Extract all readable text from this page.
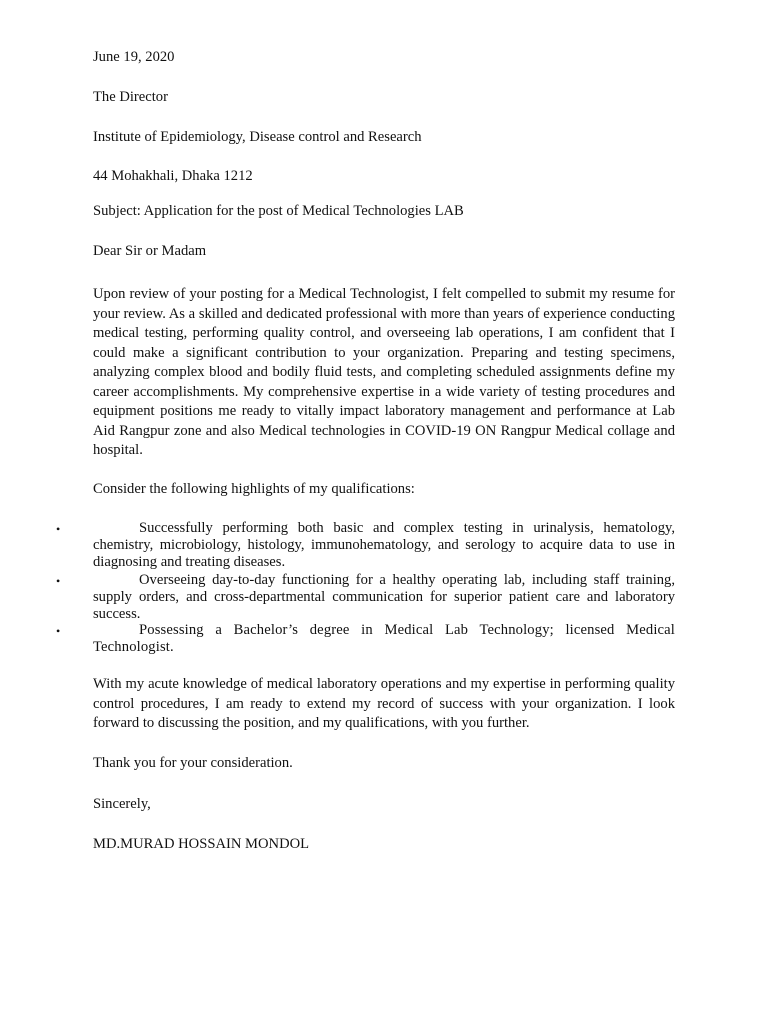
June 19, 2020
The Director
Institute of Epidemiology, Disease control and Research
44 Mohakhali, Dhaka 1212
Subject: Application for the post of Medical Technologies LAB
Dear Sir or Madam
Upon review of your posting for a Medical Technologist, I felt compelled to submit my resume for your review. As a skilled and dedicated professional with more than years of experience conducting medical testing, performing quality control, and overseeing lab operations, I am confident that I could make a significant contribution to your organization. Preparing and testing specimens, analyzing complex blood and bodily fluid tests, and completing scheduled assignments define my career accomplishments. My comprehensive expertise in a wide variety of testing procedures and equipment positions me ready to vitally impact laboratory management and performance at Lab Aid Rangpur zone and also Medical technologies in COVID-19 ON Rangpur Medical collage and hospital.
Consider the following highlights of my qualifications:
•	Successfully performing both basic and complex testing in urinalysis, hematology, chemistry, microbiology, histology, immunohematology, and serology to acquire data to use in diagnosing and treating diseases.
•	Overseeing day-to-day functioning for a healthy operating lab, including staff training, supply orders, and cross-departmental communication for superior patient care and laboratory success.
•	Possessing a Bachelor’s degree in Medical Lab Technology; licensed Medical Technologist.
With my acute knowledge of medical laboratory operations and my expertise in performing quality control procedures, I am ready to extend my record of success with your organization. I look forward to discussing the position, and my qualifications, with you further.
Thank you for your consideration.
Sincerely,
MD.MURAD HOSSAIN MONDOL
